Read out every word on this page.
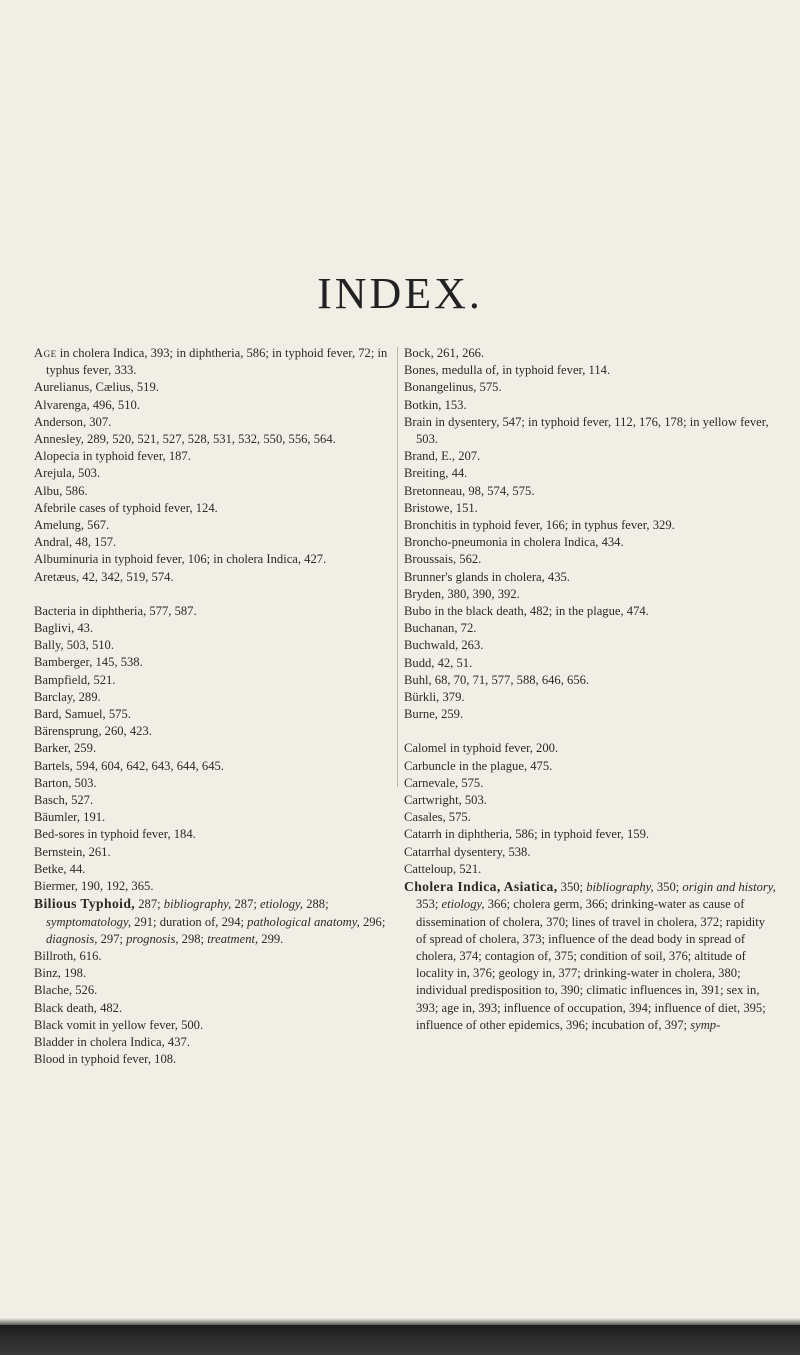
INDEX.

Age in cholera Indica, 393; in diphtheria, 586; in typhoid fever, 72; in typhus fever, 333.

Aurelianus, Cælius, 519.

Alvarenga, 496, 510.

Anderson, 307.

Annesley, 289, 520, 521, 527, 528, 531, 532, 550, 556, 564.

Alopecia in typhoid fever, 187.

Arejula, 503.

Albu, 586.

Afebrile cases of typhoid fever, 124.

Amelung, 567.

Andral, 48, 157.

Albuminuria in typhoid fever, 106; in cholera Indica, 427.

Aretæus, 42, 342, 519, 574.

Bacteria in diphtheria, 577, 587.

Baglivi, 43.

Bally, 503, 510.

Bamberger, 145, 538.

Bampfield, 521.

Barclay, 289.

Bard, Samuel, 575.

Bärensprung, 260, 423.

Barker, 259.

Bartels, 594, 604, 642, 643, 644, 645.

Barton, 503.

Basch, 527.

Bäumler, 191.

Bed-sores in typhoid fever, 184.

Bernstein, 261.

Betke, 44.

Biermer, 190, 192, 365.

Bilious Typhoid, 287; bibliography, 287; etiology, 288; symptomatology, 291; duration of, 294; pathological anatomy, 296; diagnosis, 297; prognosis, 298; treatment, 299.

Billroth, 616.

Binz, 198.

Blache, 526.

Black death, 482.

Black vomit in yellow fever, 500.

Bladder in cholera Indica, 437.

Blood in typhoid fever, 108.

Bock, 261, 266.

Bones, medulla of, in typhoid fever, 114.

Bonangelinus, 575.

Botkin, 153.

Brain in dysentery, 547; in typhoid fever, 112, 176, 178; in yellow fever, 503.

Brand, E., 207.

Breiting, 44.

Bretonneau, 98, 574, 575.

Bristowe, 151.

Bronchitis in typhoid fever, 166; in typhus fever, 329.

Broncho-pneumonia in cholera Indica, 434.

Broussais, 562.

Brunner's glands in cholera, 435.

Bryden, 380, 390, 392.

Bubo in the black death, 482; in the plague, 474.

Buchanan, 72.

Buchwald, 263.

Budd, 42, 51.

Buhl, 68, 70, 71, 577, 588, 646, 656.

Bürkli, 379.

Burne, 259.

Calomel in typhoid fever, 200.

Carbuncle in the plague, 475.

Carnevale, 575.

Cartwright, 503.

Casales, 575.

Catarrh in diphtheria, 586; in typhoid fever, 159.

Catarrhal dysentery, 538.

Catteloup, 521.

Cholera Indica, Asiatica, 350; bibliography, 350; origin and history, 353; etiology, 366; cholera germ, 366; drinking-water as cause of dissemination of cholera, 370; lines of travel in cholera, 372; rapidity of spread of cholera, 373; influence of the dead body in spread of cholera, 374; contagion of, 375; condition of soil, 376; altitude of locality in, 376; geology in, 377; drinking-water in cholera, 380; individual predisposition to, 390; climatic influences in, 391; sex in, 393; age in, 393; influence of occupation, 394; influence of diet, 395; influence of other epidemics, 396; incubation of, 397; symp-
